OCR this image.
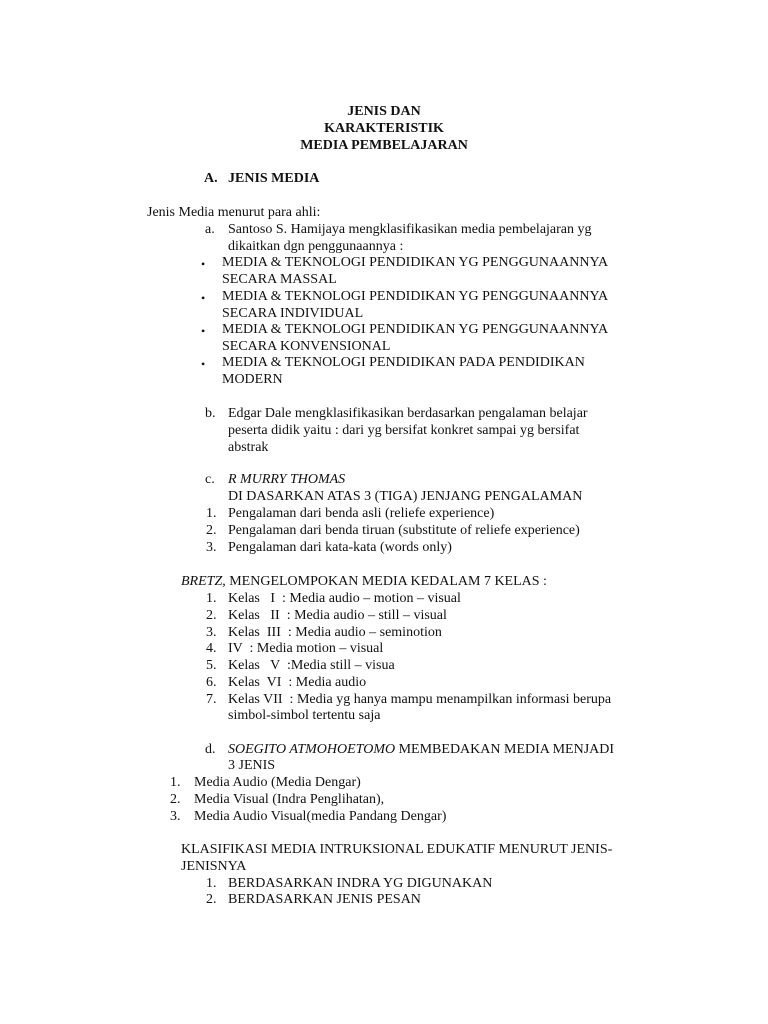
JENIS DAN
KARAKTERISTIK
MEDIA PEMBELAJARAN
A. JENIS MEDIA
Jenis Media menurut para ahli:
a. Santoso S. Hamijaya mengklasifikasikan media pembelajaran yg
dikaitkan dgn penggunaannya :
• MEDIA & TEKNOLOGI PENDIDIKAN YG PENGGUNAANNYA
SECARA MASSAL
• MEDIA & TEKNOLOGI PENDIDIKAN YG PENGGUNAANNYA
SECARA INDIVIDUAL
• MEDIA & TEKNOLOGI PENDIDIKAN YG PENGGUNAANNYA
SECARA KONVENSIONAL
• MEDIA & TEKNOLOGI PENDIDIKAN PADA PENDIDIKAN
MODERN
b. Edgar Dale mengklasifikasikan berdasarkan pengalaman belajar
peserta didik yaitu : dari yg bersifat konkret sampai yg bersifat
abstrak
c. R MURRY THOMAS
DI DASARKAN ATAS 3 (TIGA) JENJANG PENGALAMAN
1. Pengalaman dari benda asli (reliefe experience)
2. Pengalaman dari benda tiruan (substitute of reliefe experience)
3. Pengalaman dari kata-kata (words only)
BRETZ, MENGELOMPOKAN MEDIA KEDALAM 7 KELAS :
1. Kelas   I  : Media audio – motion – visual
2. Kelas   II  : Media audio – still – visual
3. Kelas  III  : Media audio – seminotion
4. IV  : Media motion – visual
5. Kelas   V  :Media still – visua
6. Kelas  VI  : Media audio
7. Kelas VII  : Media yg hanya mampu menampilkan informasi berupa
simbol-simbol tertentu saja
d. SOEGITO ATMOHOETOMO MEMBEDAKAN MEDIA MENJADI
3 JENIS
1. Media Audio (Media Dengar)
2. Media Visual (Indra Penglihatan),
3. Media Audio Visual(media Pandang Dengar)
KLASIFIKASI MEDIA INTRUKSIONAL EDUKATIF MENURUT JENIS-
JENISNYA
1. BERDASARKAN INDRA YG DIGUNAKAN
2. BERDASARKAN JENIS PESAN
